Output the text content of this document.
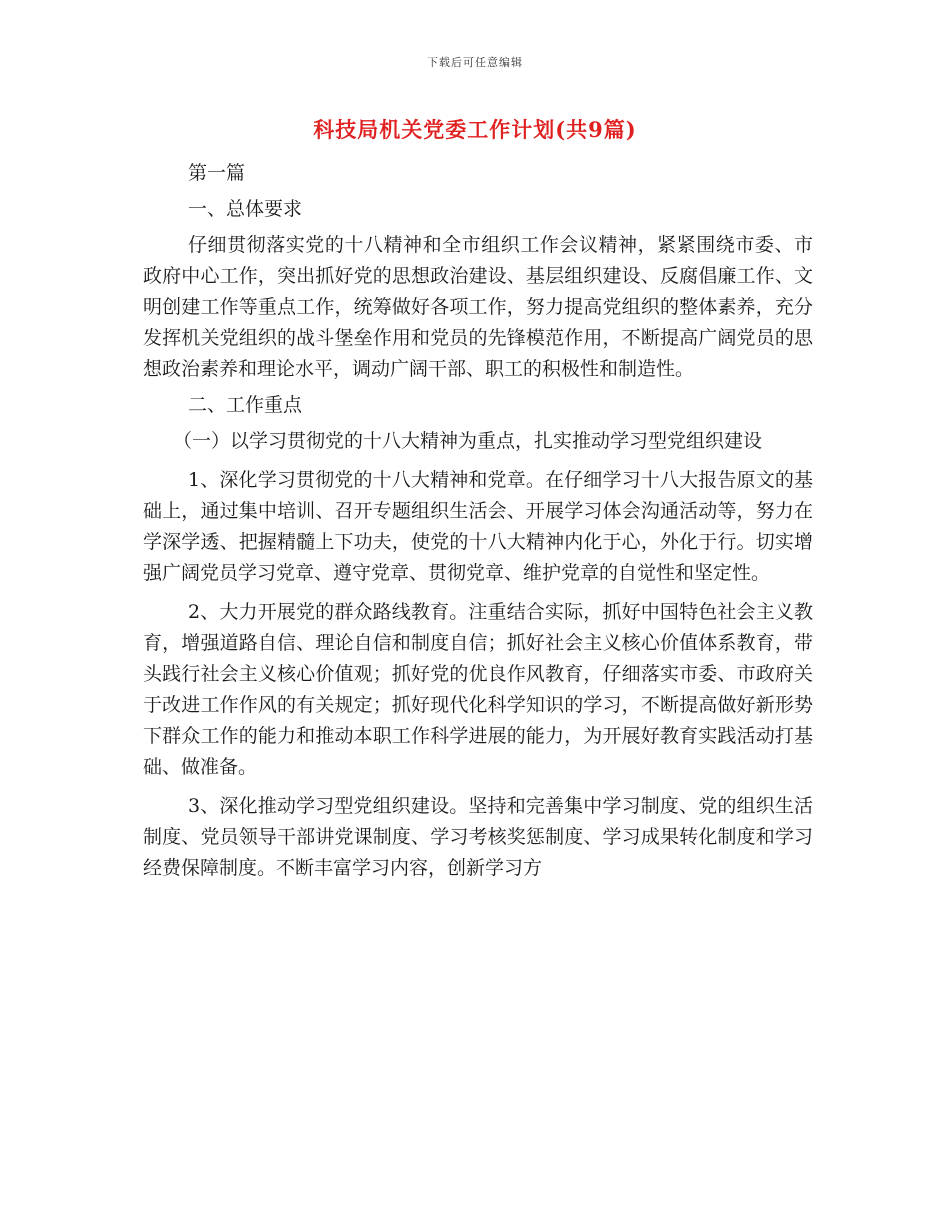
下载后可任意编辑
科技局机关党委工作计划(共9篇)

第一篇

一、总体要求

仔细贯彻落实党的十八精神和全市组织工作会议精神，紧紧围绕市委、市政府中心工作，突出抓好党的思想政治建设、基层组织建设、反腐倡廉工作、文明创建工作等重点工作，统筹做好各项工作，努力提高党组织的整体素养，充分发挥机关党组织的战斗堡垒作用和党员的先锋模范作用，不断提高广阔党员的思想政治素养和理论水平，调动广阔干部、职工的积极性和制造性。

二、工作重点

（一）以学习贯彻党的十八大精神为重点，扎实推动学习型党组织建设

1、深化学习贯彻党的十八大精神和党章。在仔细学习十八大报告原文的基础上，通过集中培训、召开专题组织生活会、开展学习体会沟通活动等，努力在学深学透、把握精髓上下功夫，使党的十八大精神内化于心，外化于行。切实增强广阔党员学习党章、遵守党章、贯彻党章、维护党章的自觉性和坚定性。

2、大力开展党的群众路线教育。注重结合实际，抓好中国特色社会主义教育，增强道路自信、理论自信和制度自信；抓好社会主义核心价值体系教育，带头践行社会主义核心价值观；抓好党的优良作风教育，仔细落实市委、市政府关于改进工作作风的有关规定；抓好现代化科学知识的学习，不断提高做好新形势下群众工作的能力和推动本职工作科学进展的能力，为开展好教育实践活动打基础、做准备。

3、深化推动学习型党组织建设。坚持和完善集中学习制度、党的组织生活制度、党员领导干部讲党课制度、学习考核奖惩制度、学习成果转化制度和学习经费保障制度。不断丰富学习内容，创新学习方
